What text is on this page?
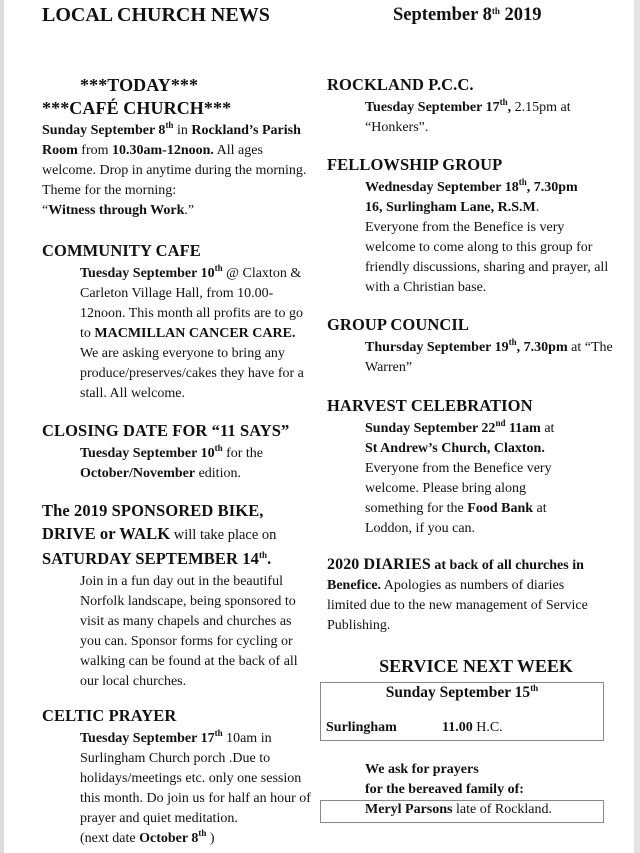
LOCAL CHURCH NEWS	September 8th 2019
***TODAY***
***CAFÉ CHURCH***
Sunday September 8th in Rockland’s Parish Room from 10.30am-12noon. All ages welcome. Drop in anytime during the morning. Theme for the morning:
“Witness through Work.”
COMMUNITY CAFE
Tuesday September 10th @ Claxton & Carleton Village Hall, from 10.00-12noon. This month all profits are to go to MACMILLAN CANCER CARE. We are asking everyone to bring any produce/preserves/cakes they have for a stall. All welcome.
CLOSING DATE FOR “11 SAYS”
Tuesday September 10th for the October/November edition.
The 2019 SPONSORED BIKE,
DRIVE or WALK will take place on
SATURDAY SEPTEMBER 14th.
Join in a fun day out in the beautiful Norfolk landscape, being sponsored to visit as many chapels and churches as you can. Sponsor forms for cycling or walking can be found at the back of all our local churches.
CELTIC PRAYER
Tuesday September 17th 10am in Surlingham Church porch .Due to holidays/meetings etc. only one session this month. Do join us for half an hour of prayer and quiet meditation.
(next date October 8th )
ROCKLAND P.C.C.
Tuesday September 17th, 2.15pm at “Honkers”.
FELLOWSHIP GROUP
Wednesday September 18th, 7.30pm
16, Surlingham Lane, R.S.M.
Everyone from the Benefice is very welcome to come along to this group for friendly discussions, sharing and prayer, all with a Christian base.
GROUP COUNCIL
Thursday September 19th, 7.30pm at “The Warren”
HARVEST CELEBRATION
Sunday September 22nd 11am at
St Andrew’s Church, Claxton.
Everyone from the Benefice very welcome. Please bring along something for the Food Bank at Loddon, if you can.
2020 DIARIES at back of all churches in Benefice. Apologies as numbers of diaries limited due to the new management of Service Publishing.
SERVICE NEXT WEEK
Sunday September 15th
Surlingham	11.00 H.C.
We ask for prayers
for the bereaved family of:
Meryl Parsons late of Rockland.
